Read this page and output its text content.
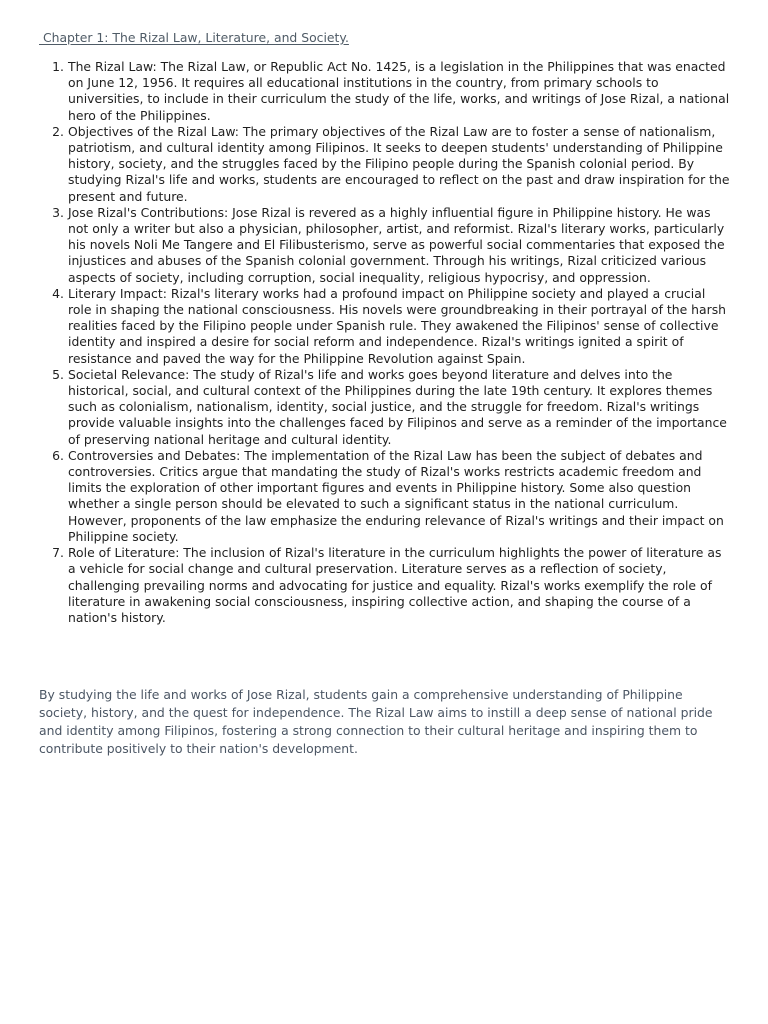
Chapter 1: The Rizal Law, Literature, and Society.
1. The Rizal Law: The Rizal Law, or Republic Act No. 1425, is a legislation in the Philippines that was enacted on June 12, 1956. It requires all educational institutions in the country, from primary schools to universities, to include in their curriculum the study of the life, works, and writings of Jose Rizal, a national hero of the Philippines.
2. Objectives of the Rizal Law: The primary objectives of the Rizal Law are to foster a sense of nationalism, patriotism, and cultural identity among Filipinos. It seeks to deepen students' understanding of Philippine history, society, and the struggles faced by the Filipino people during the Spanish colonial period. By studying Rizal's life and works, students are encouraged to reflect on the past and draw inspiration for the present and future.
3. Jose Rizal's Contributions: Jose Rizal is revered as a highly influential figure in Philippine history. He was not only a writer but also a physician, philosopher, artist, and reformist. Rizal's literary works, particularly his novels Noli Me Tangere and El Filibusterismo, serve as powerful social commentaries that exposed the injustices and abuses of the Spanish colonial government. Through his writings, Rizal criticized various aspects of society, including corruption, social inequality, religious hypocrisy, and oppression.
4. Literary Impact: Rizal's literary works had a profound impact on Philippine society and played a crucial role in shaping the national consciousness. His novels were groundbreaking in their portrayal of the harsh realities faced by the Filipino people under Spanish rule. They awakened the Filipinos' sense of collective identity and inspired a desire for social reform and independence. Rizal's writings ignited a spirit of resistance and paved the way for the Philippine Revolution against Spain.
5. Societal Relevance: The study of Rizal's life and works goes beyond literature and delves into the historical, social, and cultural context of the Philippines during the late 19th century. It explores themes such as colonialism, nationalism, identity, social justice, and the struggle for freedom. Rizal's writings provide valuable insights into the challenges faced by Filipinos and serve as a reminder of the importance of preserving national heritage and cultural identity.
6. Controversies and Debates: The implementation of the Rizal Law has been the subject of debates and controversies. Critics argue that mandating the study of Rizal's works restricts academic freedom and limits the exploration of other important figures and events in Philippine history. Some also question whether a single person should be elevated to such a significant status in the national curriculum. However, proponents of the law emphasize the enduring relevance of Rizal's writings and their impact on Philippine society.
7. Role of Literature: The inclusion of Rizal's literature in the curriculum highlights the power of literature as a vehicle for social change and cultural preservation. Literature serves as a reflection of society, challenging prevailing norms and advocating for justice and equality. Rizal's works exemplify the role of literature in awakening social consciousness, inspiring collective action, and shaping the course of a nation's history.

By studying the life and works of Jose Rizal, students gain a comprehensive understanding of Philippine society, history, and the quest for independence. The Rizal Law aims to instill a deep sense of national pride and identity among Filipinos, fostering a strong connection to their cultural heritage and inspiring them to contribute positively to their nation's development.
